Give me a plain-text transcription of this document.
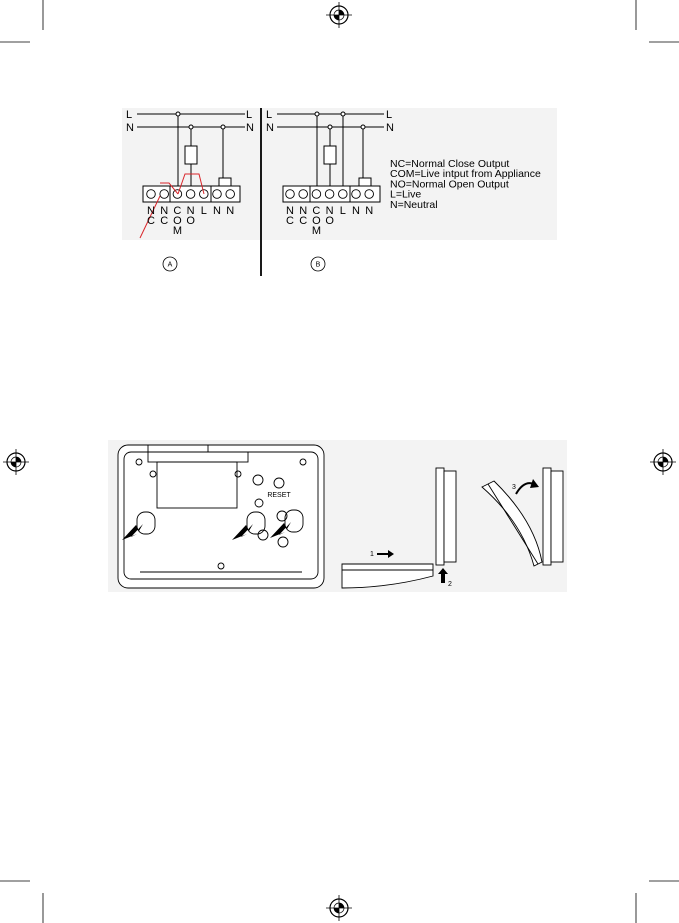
L
N
L
N
N C
N C
C O M
N O
L N N
L
N
L
N
N C
N C
C O M
N O
L N N
A	B
NC=Normal Close Output
COM=Live intput from Appliance
NO=Normal Open Output
L=Live
N=Neutral
RESET
1
2
3
